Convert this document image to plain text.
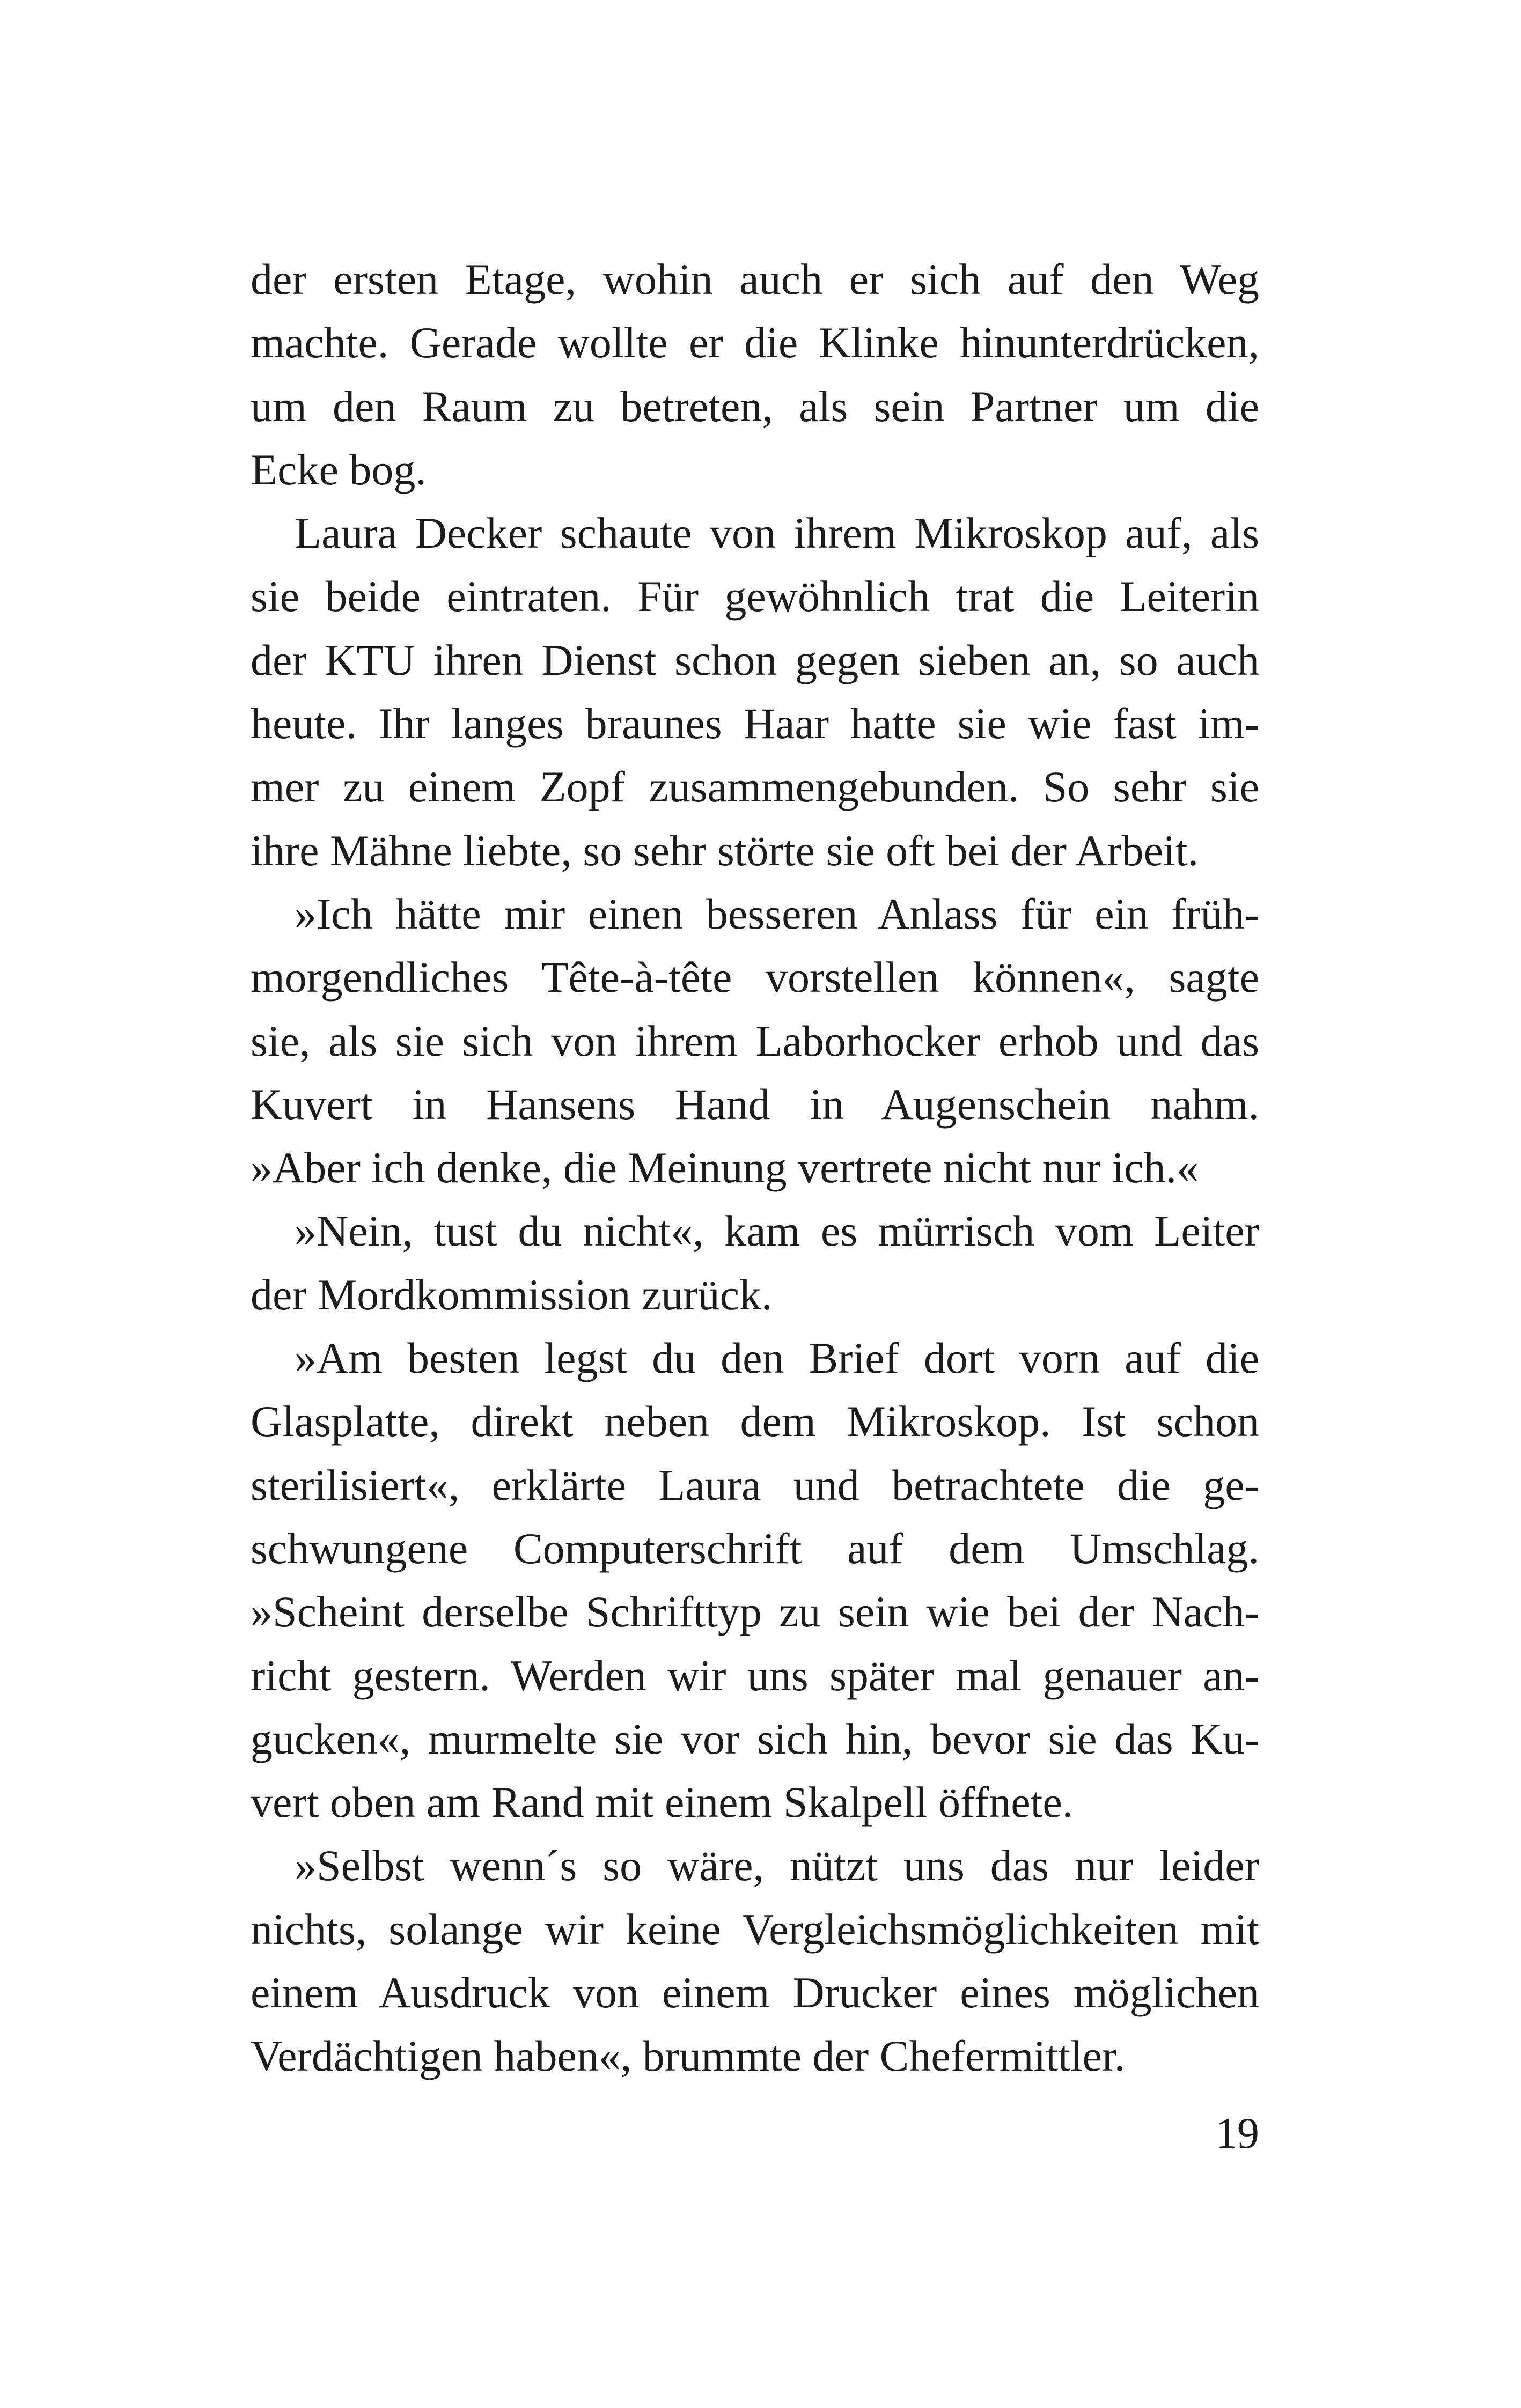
der ersten Etage, wohin auch er sich auf den Weg
machte. Gerade wollte er die Klinke hinunterdrücken,
um den Raum zu betreten, als sein Partner um die
Ecke bog.
Laura Decker schaute von ihrem Mikroskop auf, als
sie beide eintraten. Für gewöhnlich trat die Leiterin
der KTU ihren Dienst schon gegen sieben an, so auch
heute. Ihr langes braunes Haar hatte sie wie fast im-
mer zu einem Zopf zusammengebunden. So sehr sie
ihre Mähne liebte, so sehr störte sie oft bei der Arbeit.
»Ich hätte mir einen besseren Anlass für ein früh-
morgendliches Tête-à-tête vorstellen können«, sagte
sie, als sie sich von ihrem Laborhocker erhob und das
Kuvert in Hansens Hand in Augenschein nahm.
»Aber ich denke, die Meinung vertrete nicht nur ich.«
»Nein, tust du nicht«, kam es mürrisch vom Leiter
der Mordkommission zurück.
»Am besten legst du den Brief dort vorn auf die
Glasplatte, direkt neben dem Mikroskop. Ist schon
sterilisiert«, erklärte Laura und betrachtete die ge-
schwungene Computerschrift auf dem Umschlag.
»Scheint derselbe Schrifttyp zu sein wie bei der Nach-
richt gestern. Werden wir uns später mal genauer an-
gucken«, murmelte sie vor sich hin, bevor sie das Ku-
vert oben am Rand mit einem Skalpell öffnete.
»Selbst wenn´s so wäre, nützt uns das nur leider
nichts, solange wir keine Vergleichsmöglichkeiten mit
einem Ausdruck von einem Drucker eines möglichen
Verdächtigen haben«, brummte der Chefermittler.
19
